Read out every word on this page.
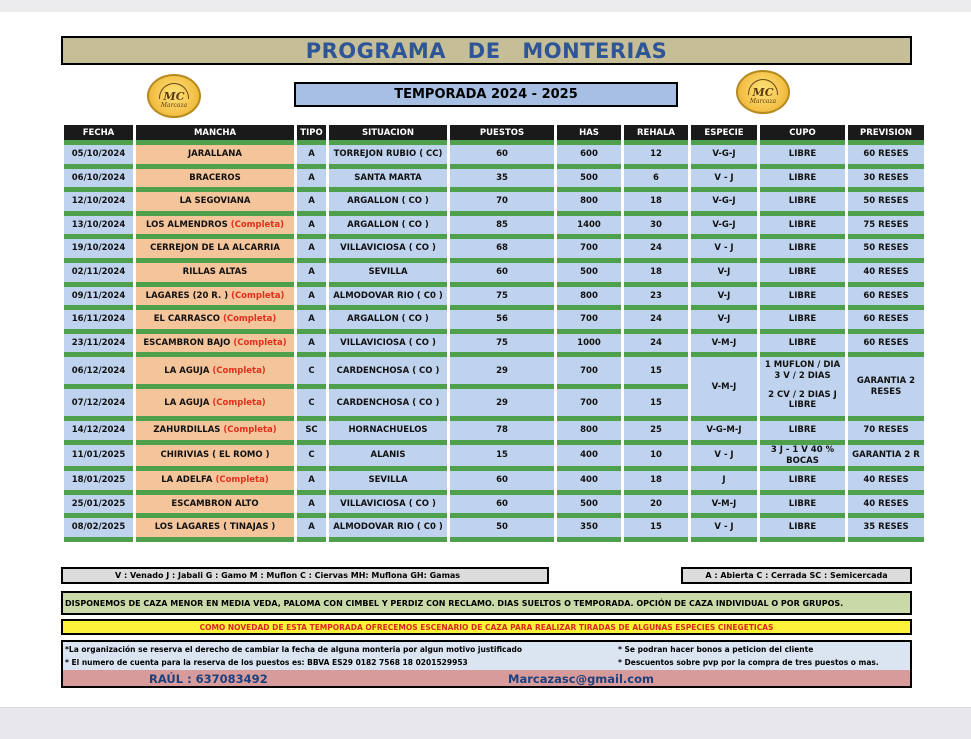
PROGRAMA DE MONTERIAS
MC
Marcaza
TEMPORADA 2024 - 2025	MC
Marcaza
FECHA	MANCHA	TIPO	SITUACION	PUESTOS	HAS	REHALA	ESPECIE	CUPO	PREVISION
05/10/2024	JARALLANA	A	TORREJON RUBIO ( CC)	60	600	12	V-G-J	LIBRE	60 RESES
06/10/2024	BRACEROS	A	SANTA MARTA	35	500	6	V - J	LIBRE	30 RESES
12/10/2024	LA SEGOVIANA	A	ARGALLON ( CO )	70	800	18	V-G-J	LIBRE	50 RESES
13/10/2024	LOS ALMENDROS (Completa)	A	ARGALLON ( CO )	85	1400	30	V-G-J	LIBRE	75 RESES
19/10/2024	CERREJON DE LA ALCARRIA	A	VILLAVICIOSA ( CO )	68	700	24	V - J	LIBRE	50 RESES
02/11/2024	RILLAS ALTAS	A	SEVILLA	60	500	18	V-J	LIBRE	40 RESES
09/11/2024	LAGARES (20 R. ) (Completa)	A	ALMODOVAR RIO ( C0 )	75	800	23	V-J	LIBRE	60 RESES
16/11/2024	EL CARRASCO (Completa)	A	ARGALLON ( CO )	56	700	24	V-J	LIBRE	60 RESES
23/11/2024	ESCAMBRON BAJO (Completa)	A	VILLAVICIOSA ( CO )	75	1000	24	V-M-J	LIBRE	60 RESES
06/12/2024	LA AGUJA (Completa)	C	CARDENCHOSA ( CO )	29	700	15	V-M-J	1 MUFLON / DIA 3 V / 2 DIAS	GARANTIA 2 RESES
07/12/2024	LA AGUJA (Completa)	C	CARDENCHOSA ( CO )	29	700	15		2 CV / 2 DIAS J LIBRE	
14/12/2024	ZAHURDILLAS (Completa)	SC	HORNACHUELOS	78	800	25	V-G-M-J	LIBRE	70 RESES
11/01/2025	CHIRIVIAS ( EL ROMO )	C	ALANIS	15	400	10	V - J	3 J - 1 V 40 % BOCAS	GARANTIA 2 R
18/01/2025	LA ADELFA (Completa)	A	SEVILLA	60	400	18	J	LIBRE	40 RESES
25/01/2025	ESCAMBRON ALTO	A	VILLAVICIOSA ( CO )	60	500	20	V-M-J	LIBRE	40 RESES
08/02/2025	LOS LAGARES ( TINAJAS )	A	ALMODOVAR RIO ( C0 )	50	350	15	V - J	LIBRE	35 RESES

V : Venado J : Jabali G : Gamo M : Muflon C : Ciervas MH: Muflona GH: Gamas	A : Abierta C : Cerrada SC : Semicercada
DISPONEMOS DE CAZA MENOR EN MEDIA VEDA, PALOMA CON CIMBEL Y PERDIZ CON RECLAMO. DIAS SUELTOS O TEMPORADA. OPCIÓN DE CAZA INDIVIDUAL O POR GRUPOS.
COMO NOVEDAD DE ESTA TEMPORADA OFRECEMOS ESCENARIO DE CAZA PARA REALIZAR TIRADAS DE ALGUNAS ESPECIES CINEGETICAS
*La organización se reserva el derecho de cambiar la fecha de alguna monteria por algun motivo justificado
* El numero de cuenta para la reserva de los puestos es: BBVA ES29 0182 7568 18 0201529953
* Se podran hacer bonos a peticion del cliente
* Descuentos sobre pvp por la compra de tres puestos o mas.
RAÚL : 637083492	Marcazasc@gmail.com
